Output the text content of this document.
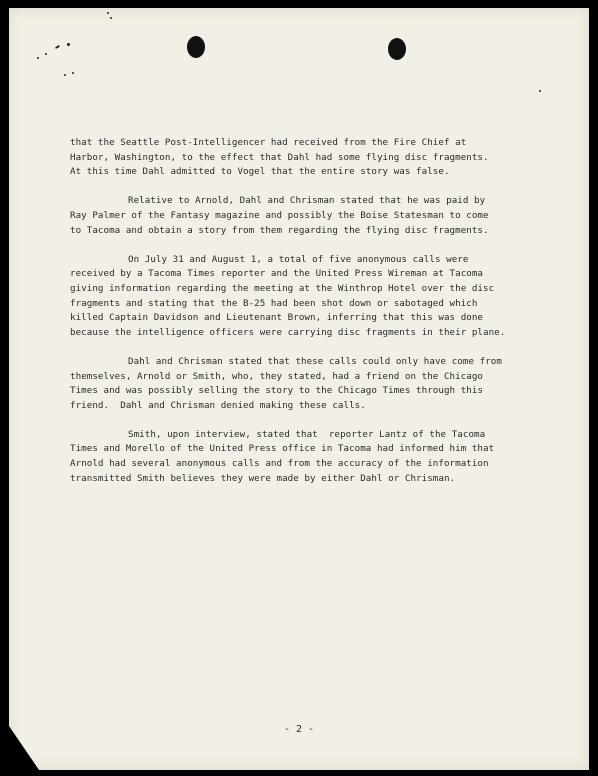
that the Seattle Post-Intelligencer had received from the Fire Chief at
Harbor, Washington, to the effect that Dahl had some flying disc fragments.
At this time Dahl admitted to Vogel that the entire story was false.
Relative to Arnold, Dahl and Chrisman stated that he was paid by
Ray Palmer of the Fantasy magazine and possibly the Boise Statesman to come
to Tacoma and obtain a story from them regarding the flying disc fragments.
On July 31 and August 1, a total of five anonymous calls were
received by a Tacoma Times reporter and the United Press Wireman at Tacoma
giving information regarding the meeting at the Winthrop Hotel over the disc
fragments and stating that the B-25 had been shot down or sabotaged which
killed Captain Davidson and Lieutenant Brown, inferring that this was done
because the intelligence officers were carrying disc fragments in their plane.
Dahl and Chrisman stated that these calls could only have come from
themselves, Arnold or Smith, who, they stated, had a friend on the Chicago
Times and was possibly selling the story to the Chicago Times through this
friend.  Dahl and Chrisman denied making these calls.
Smith, upon interview, stated that  reporter Lantz of the Tacoma
Times and Morello of the United Press office in Tacoma had informed him that
Arnold had several anonymous calls and from the accuracy of the information
transmitted Smith believes they were made by either Dahl or Chrisman.
- 2 -
